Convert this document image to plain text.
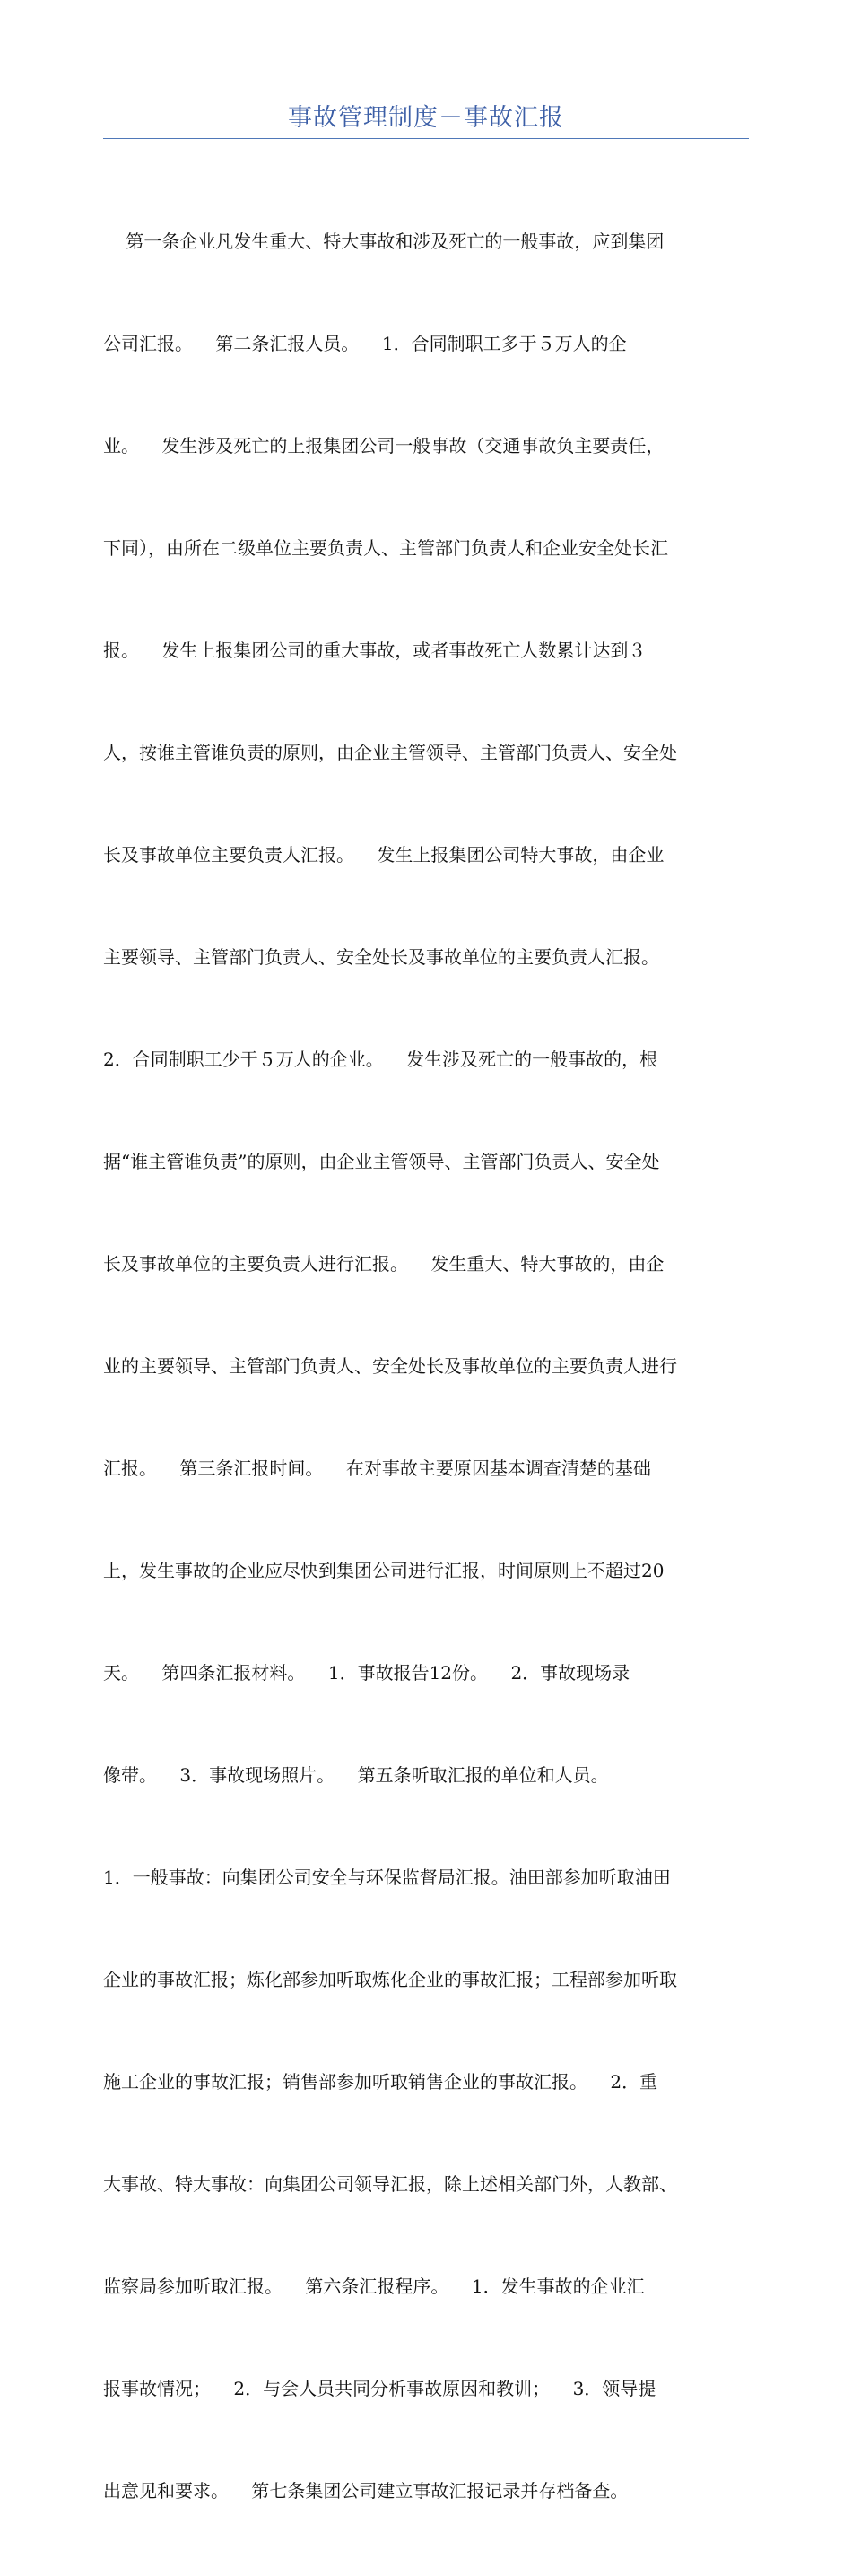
事故管理制度－事故汇报

第一条企业凡发生重大、特大事故和涉及死亡的一般事故，应到集团

公司汇报。    第二条汇报人员。    1．合同制职工多于５万人的企

业。    发生涉及死亡的上报集团公司一般事故（交通事故负主要责任，

下同），由所在二级单位主要负责人、主管部门负责人和企业安全处长汇

报。    发生上报集团公司的重大事故，或者事故死亡人数累计达到３

人，按谁主管谁负责的原则，由企业主管领导、主管部门负责人、安全处

长及事故单位主要负责人汇报。    发生上报集团公司特大事故，由企业

主要领导、主管部门负责人、安全处长及事故单位的主要负责人汇报。

2．合同制职工少于５万人的企业。    发生涉及死亡的一般事故的，根

据“谁主管谁负责”的原则，由企业主管领导、主管部门负责人、安全处

长及事故单位的主要负责人进行汇报。    发生重大、特大事故的，由企

业的主要领导、主管部门负责人、安全处长及事故单位的主要负责人进行

汇报。    第三条汇报时间。    在对事故主要原因基本调查清楚的基础

上，发生事故的企业应尽快到集团公司进行汇报，时间原则上不超过20

天。    第四条汇报材料。    1．事故报告12份。    2．事故现场录

像带。    3．事故现场照片。    第五条听取汇报的单位和人员。

1．一般事故：向集团公司安全与环保监督局汇报。油田部参加听取油田

企业的事故汇报；炼化部参加听取炼化企业的事故汇报；工程部参加听取

施工企业的事故汇报；销售部参加听取销售企业的事故汇报。    2．重

大事故、特大事故：向集团公司领导汇报，除上述相关部门外，人教部、

监察局参加听取汇报。    第六条汇报程序。    1．发生事故的企业汇

报事故情况；    2．与会人员共同分析事故原因和教训；    3．领导提

出意见和要求。    第七条集团公司建立事故汇报记录并存档备查。
